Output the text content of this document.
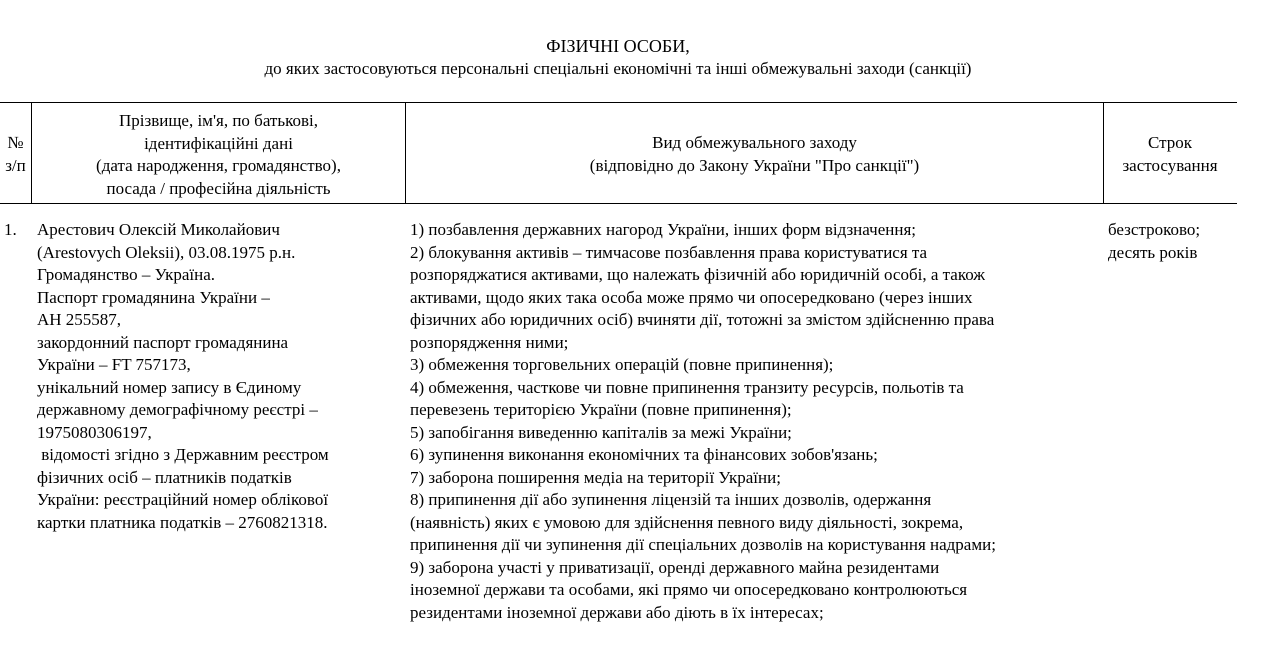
ФІЗИЧНІ ОСОБИ,
до яких застосовуються персональні спеціальні економічні та інші обмежувальні заходи (санкції)
№
з/п
Прізвище, ім'я, по батькові,
ідентифікаційні дані
(дата народження, громадянство),
посада / професійна діяльність
Вид обмежувального заходу
(відповідно до Закону України "Про санкції")
Строк
застосування
1. Арестович Олексій Миколайович
(Arestovych Oleksii), 03.08.1975 р.н.
Громадянство – Україна.
Паспорт громадянина України –
АН 255587,
закордонний паспорт громадянина
України – FT 757173,
унікальний номер запису в Єдиному
державному демографічному реєстрі –
1975080306197,
відомості згідно з Державним реєстром
фізичних осіб – платників податків
України: реєстраційний номер облікової
картки платника податків – 2760821318.
1) позбавлення державних нагород України, інших форм відзначення;
2) блокування активів – тимчасове позбавлення права користуватися та
розпоряджатися активами, що належать фізичній або юридичній особі, а також
активами, щодо яких така особа може прямо чи опосередковано (через інших
фізичних або юридичних осіб) вчиняти дії, тотожні за змістом здійсненню права
розпорядження ними;
3) обмеження торговельних операцій (повне припинення);
4) обмеження, часткове чи повне припинення транзиту ресурсів, польотів та
перевезень територією України (повне припинення);
5) запобігання виведенню капіталів за межі України;
6) зупинення виконання економічних та фінансових зобов'язань;
7) заборона поширення медіа на території України;
8) припинення дії або зупинення ліцензій та інших дозволів, одержання
(наявність) яких є умовою для здійснення певного виду діяльності, зокрема,
припинення дії чи зупинення дії спеціальних дозволів на користування надрами;
9) заборона участі у приватизації, оренді державного майна резидентами
іноземної держави та особами, які прямо чи опосередковано контролюються
резидентами іноземної держави або діють в їх інтересах;
безстроково;
десять років
